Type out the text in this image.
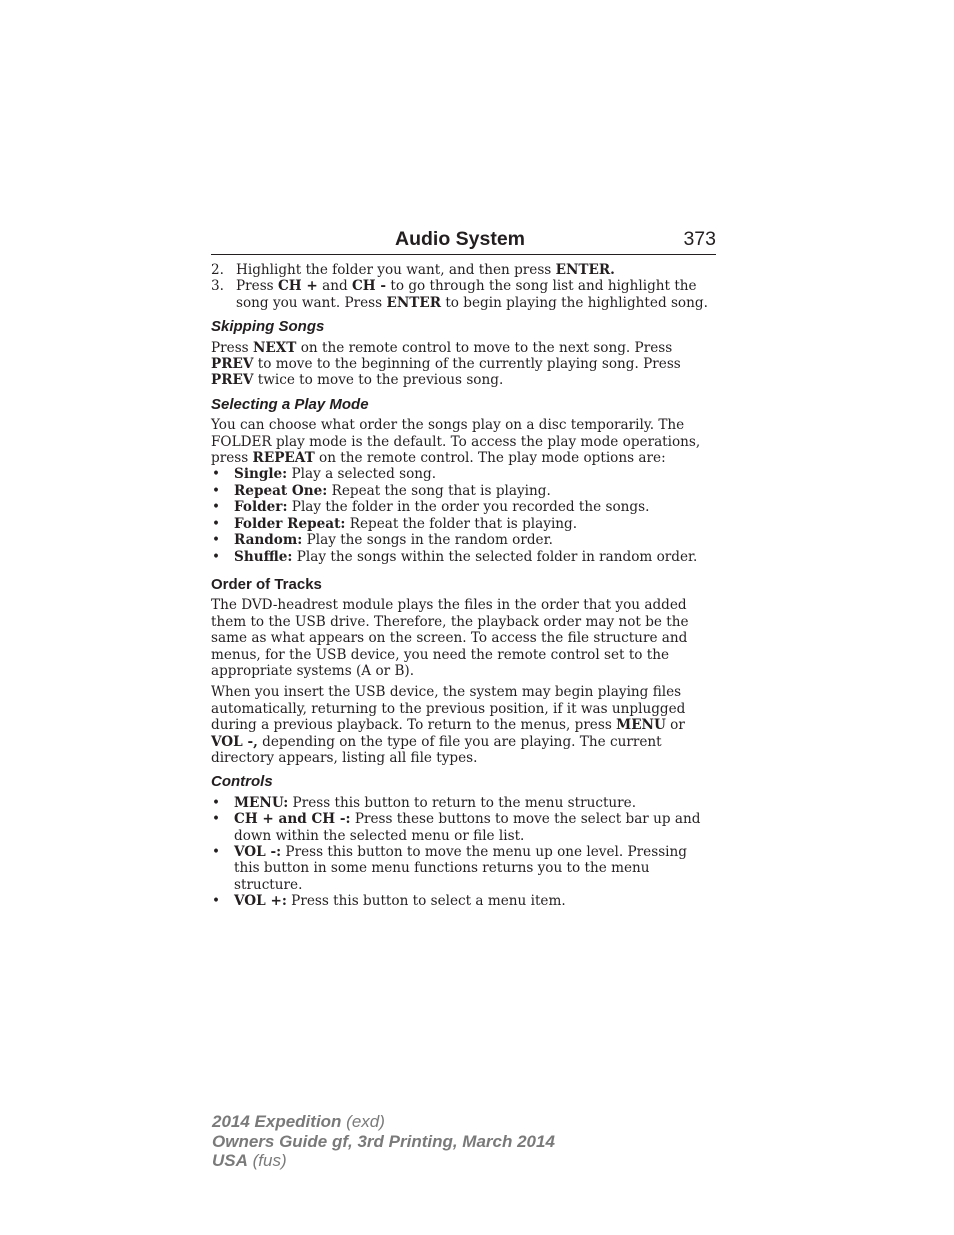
Audio System	373
2. Highlight the folder you want, and then press ENTER.
3. Press CH + and CH - to go through the song list and highlight the song you want. Press ENTER to begin playing the highlighted song.
Skipping Songs

Press NEXT on the remote control to move to the next song. Press PREV to move to the beginning of the currently playing song. Press PREV twice to move to the previous song.

Selecting a Play Mode

You can choose what order the songs play on a disc temporarily. The FOLDER play mode is the default. To access the play mode operations, press REPEAT on the remote control. The play mode options are:

• Single: Play a selected song.
• Repeat One: Repeat the song that is playing.
• Folder: Play the folder in the order you recorded the songs.
• Folder Repeat: Repeat the folder that is playing.
• Random: Play the songs in the random order.
• Shuffle: Play the songs within the selected folder in random order.
Order of Tracks

The DVD-headrest module plays the files in the order that you added them to the USB drive. Therefore, the playback order may not be the same as what appears on the screen. To access the file structure and menus, for the USB device, you need the remote control set to the appropriate systems (A or B).

When you insert the USB device, the system may begin playing files automatically, returning to the previous position, if it was unplugged during a previous playback. To return to the menus, press MENU or VOL -, depending on the type of file you are playing. The current directory appears, listing all file types.

Controls
• MENU: Press this button to return to the menu structure.
• CH + and CH -: Press these buttons to move the select bar up and down within the selected menu or file list.
• VOL -: Press this button to move the menu up one level. Pressing this button in some menu functions returns you to the menu structure.
• VOL +: Press this button to select a menu item.
2014 Expedition (exd)
Owners Guide gf, 3rd Printing, March 2014
USA (fus)
